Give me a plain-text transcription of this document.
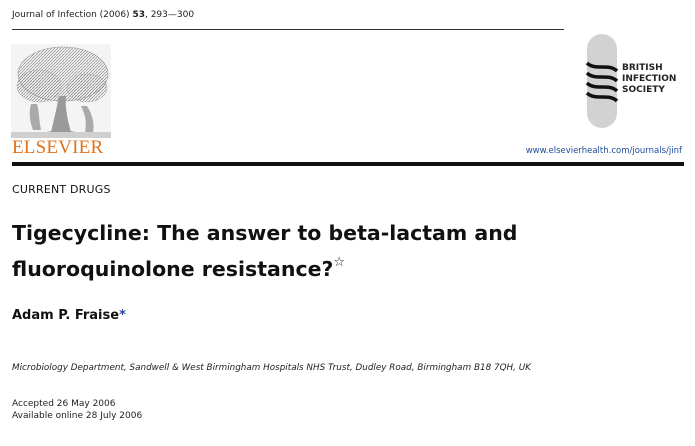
Journal of Infection (2006) 53, 293—300
ELSEVIER
BRITISH
INFECTION
SOCIETY
www.elsevierhealth.com/journals/jinf
CURRENT DRUGS
Tigecycline: The answer to beta-lactam and
fluoroquinolone resistance?☆
Adam P. Fraise*
Microbiology Department, Sandwell & West Birmingham Hospitals NHS Trust, Dudley Road, Birmingham B18 7QH, UK
Accepted 26 May 2006
Available online 28 July 2006
